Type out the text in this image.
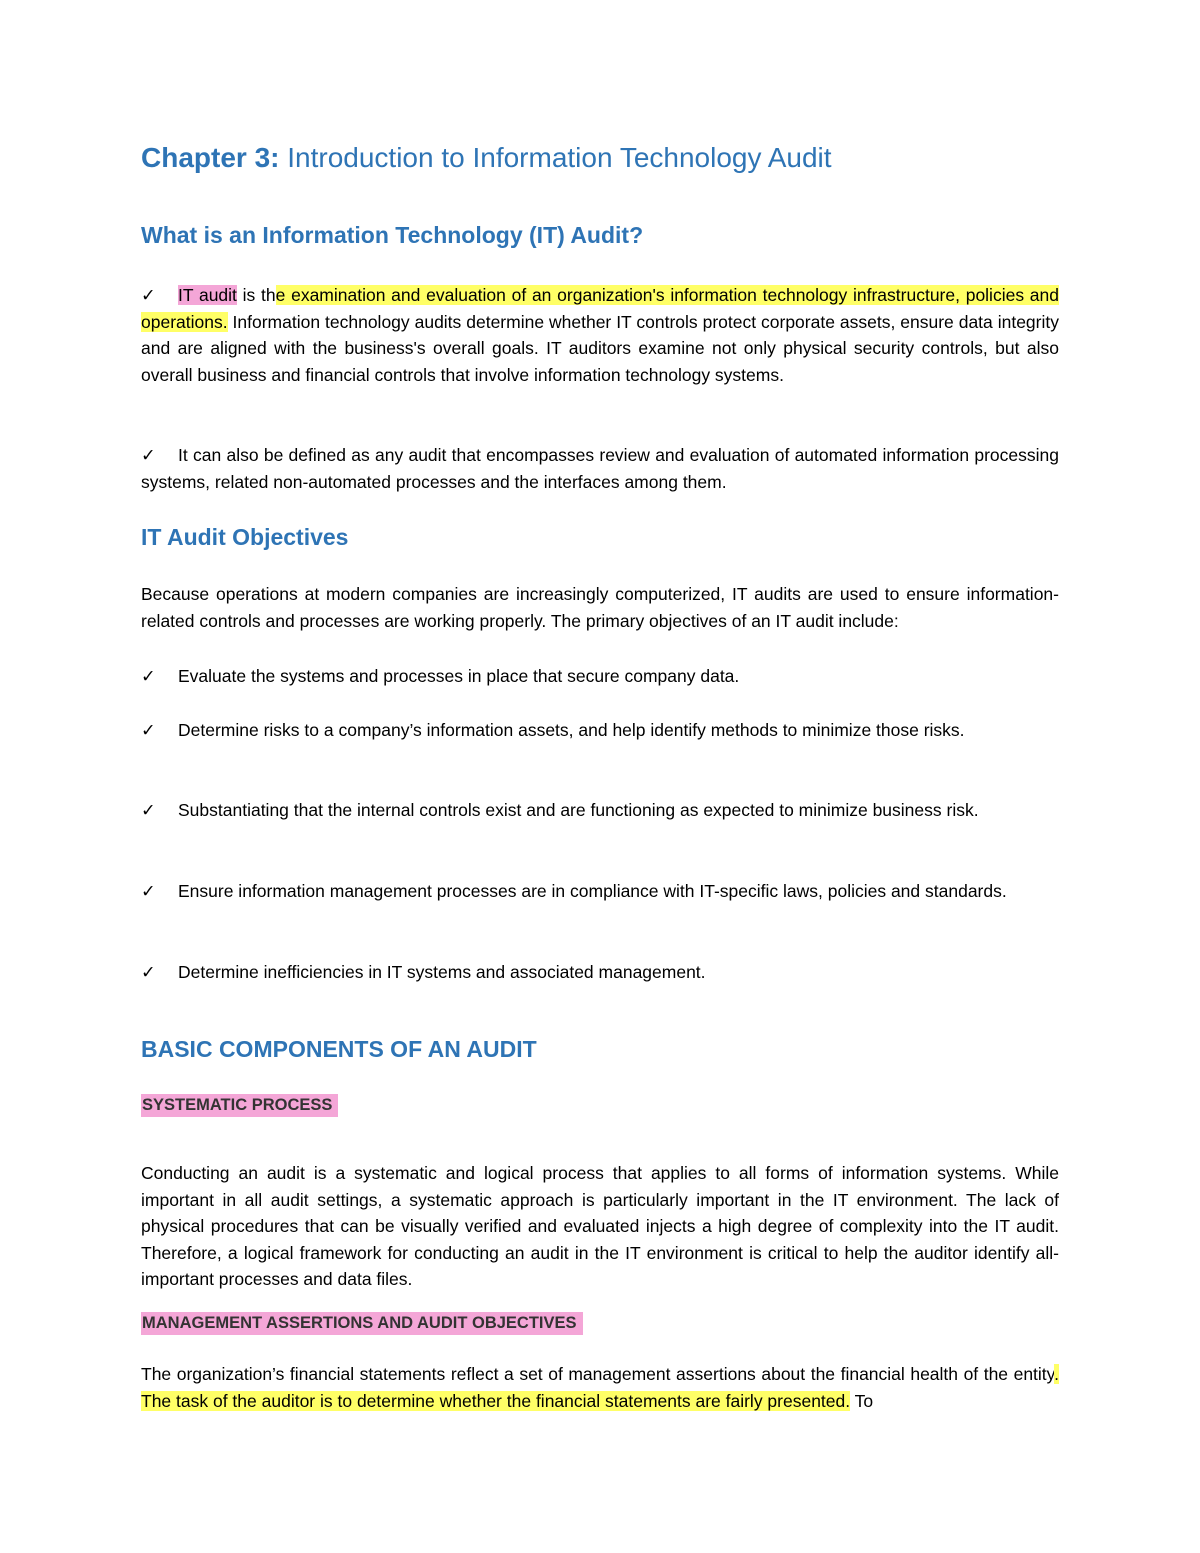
Chapter 3: Introduction to Information Technology Audit
What is an Information Technology (IT) Audit?

✓ IT audit is the examination and evaluation of an organization's information technology infrastructure, policies and operations. Information technology audits determine whether IT controls protect corporate assets, ensure data integrity and are aligned with the business's overall goals. IT auditors examine not only physical security controls, but also overall business and financial controls that involve information technology systems.

✓ It can also be defined as any audit that encompasses review and evaluation of automated information processing systems, related non-automated processes and the interfaces among them.

IT Audit Objectives

Because operations at modern companies are increasingly computerized, IT audits are used to ensure information-related controls and processes are working properly. The primary objectives of an IT audit include:

✓ Evaluate the systems and processes in place that secure company data.

✓ Determine risks to a company’s information assets, and help identify methods to minimize those risks.

✓ Substantiating that the internal controls exist and are functioning as expected to minimize business risk.

✓ Ensure information management processes are in compliance with IT-specific laws, policies and standards.

✓ Determine inefficiencies in IT systems and associated management.

BASIC COMPONENTS OF AN AUDIT
SYSTEMATIC PROCESS

Conducting an audit is a systematic and logical process that applies to all forms of information systems. While important in all audit settings, a systematic approach is particularly important in the IT environment. The lack of physical procedures that can be visually verified and evaluated injects a high degree of complexity into the IT audit. Therefore, a logical framework for conducting an audit in the IT environment is critical to help the auditor identify all-important processes and data files.

MANAGEMENT ASSERTIONS AND AUDIT OBJECTIVES

The organization’s financial statements reflect a set of management assertions about the financial health of the entity. The task of the auditor is to determine whether the financial statements are fairly presented. To
